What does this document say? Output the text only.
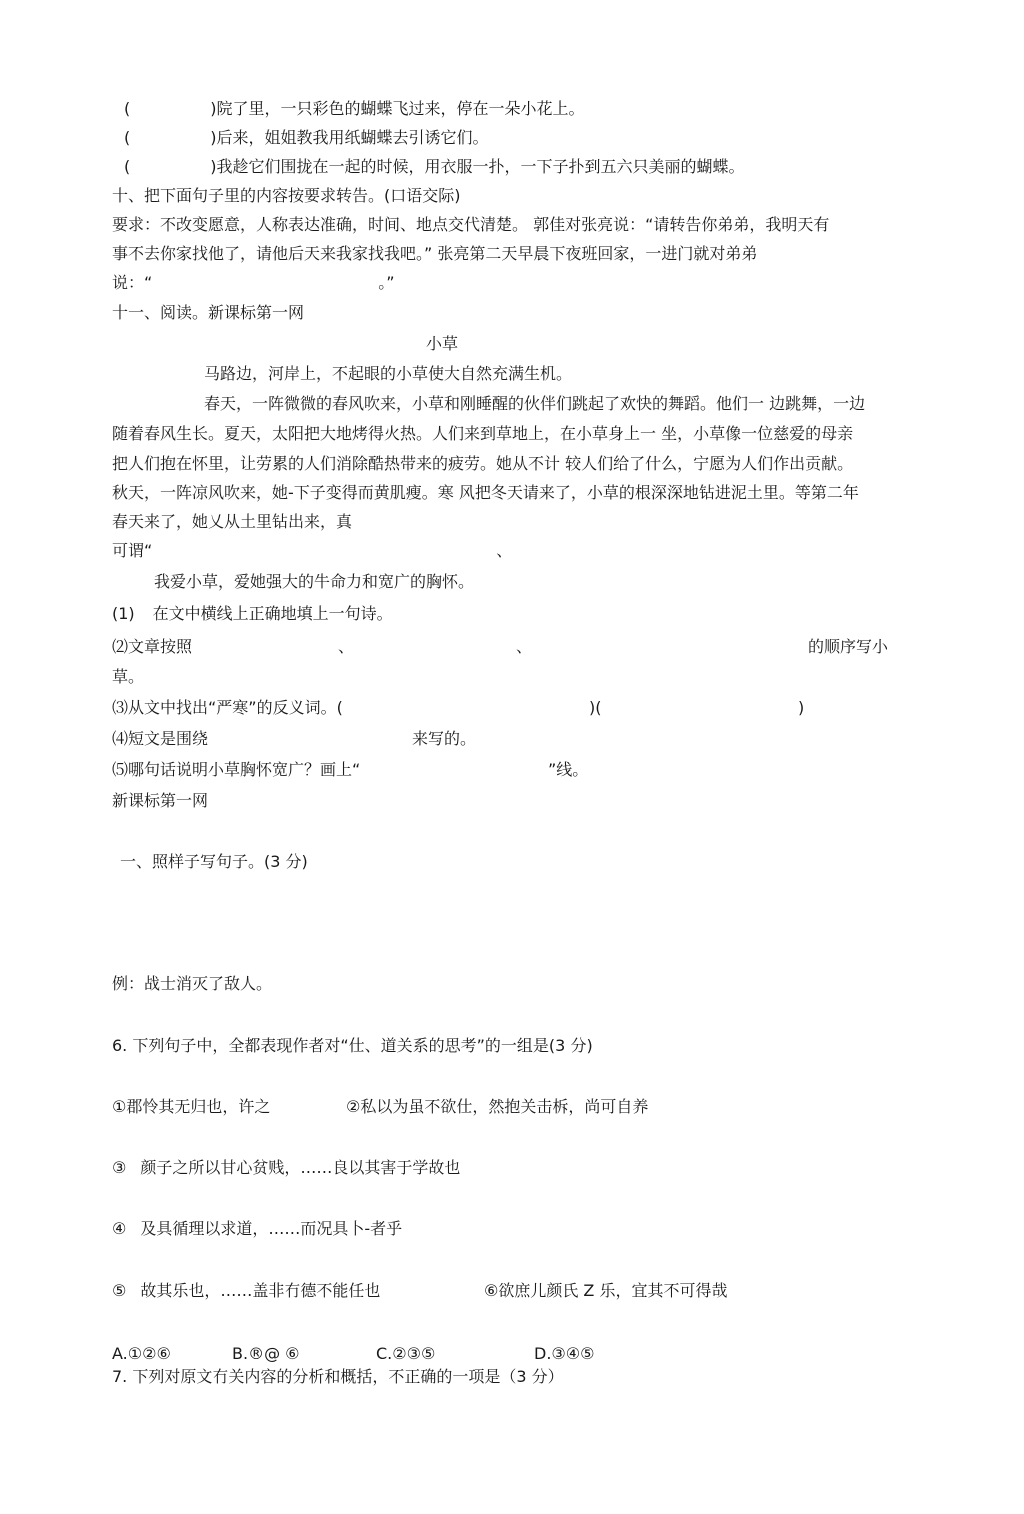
(	)院了里，一只彩色的蝴蝶飞过来，停在一朵小花上。
(	)后来，姐姐教我用纸蝴蝶去引诱它们。
(	)我趁它们围拢在一起的时候，用衣服一扑，一下子扑到五六只美丽的蝴蝶。
十、把下面句子里的内容按要求转告。(口语交际)
要求：不改变愿意，人称表达准确，时间、地点交代清楚。 郭佳对张亮说：“请转告你弟弟，我明天有
事不去你家找他了，请他后天来我家找我吧。” 张亮第二天早晨下夜班回家，一进门就对弟弟
说：“	。”
十一、阅读。新课标第一网
小草
马路边，河岸上，不起眼的小草使大自然充满生机。
春天，一阵微微的春风吹来，小草和刚睡醒的伙伴们跳起了欢快的舞蹈。他们一 边跳舞，一边
随着春风生长。夏天，太阳把大地烤得火热。人们来到草地上，在小草身上一 坐，小草像一位慈爱的母亲
把人们抱在怀里，让劳累的人们消除酷热带来的疲劳。她从不计 较人们给了什么，宁愿为人们作出贡献。
秋天，一阵凉风吹来，她-下子变得而黄肌瘦。寒 风把冬天请来了，小草的根深深地钻进泥土里。等第二年
春天来了，她乂从土里钻出来，真
可谓“	、
我爱小草，爱她强大的牛命力和宽广的胸怀。
(1) 在文中横线上正确地填上一句诗。
⑵文章按照	、	、	的顺序写小
草。
⑶从文中找出“严寒”的反义词。(	)(	)
⑷短文是围绕	来写的。
⑸哪句话说明小草胸怀宽广？画上“	”线。
新课标第一网
一、照样子写句子。(3 分)
例：战士消灭了敌人。
6. 下列句子中，全都表现作者对“仕、道关系的思考”的一组是(3 分)
①郡怜其无归也，许之	②私以为虽不欲仕，然抱关击柝，尚可自养
③ 颜子之所以甘心贫贱，……良以其害于学故也
④ 及具循理以求道，……而况具卜-者乎
⑤ 故其乐也，……盖非冇德不能任也	⑥欲庶儿颜氏 Z 乐，宜其不可得哉
A.①②⑥	B.®@ ⑥	C.②③⑤	D.③④⑤
7. 下列对原文冇关内容的分析和概括，不正确的一项是（3 分）
